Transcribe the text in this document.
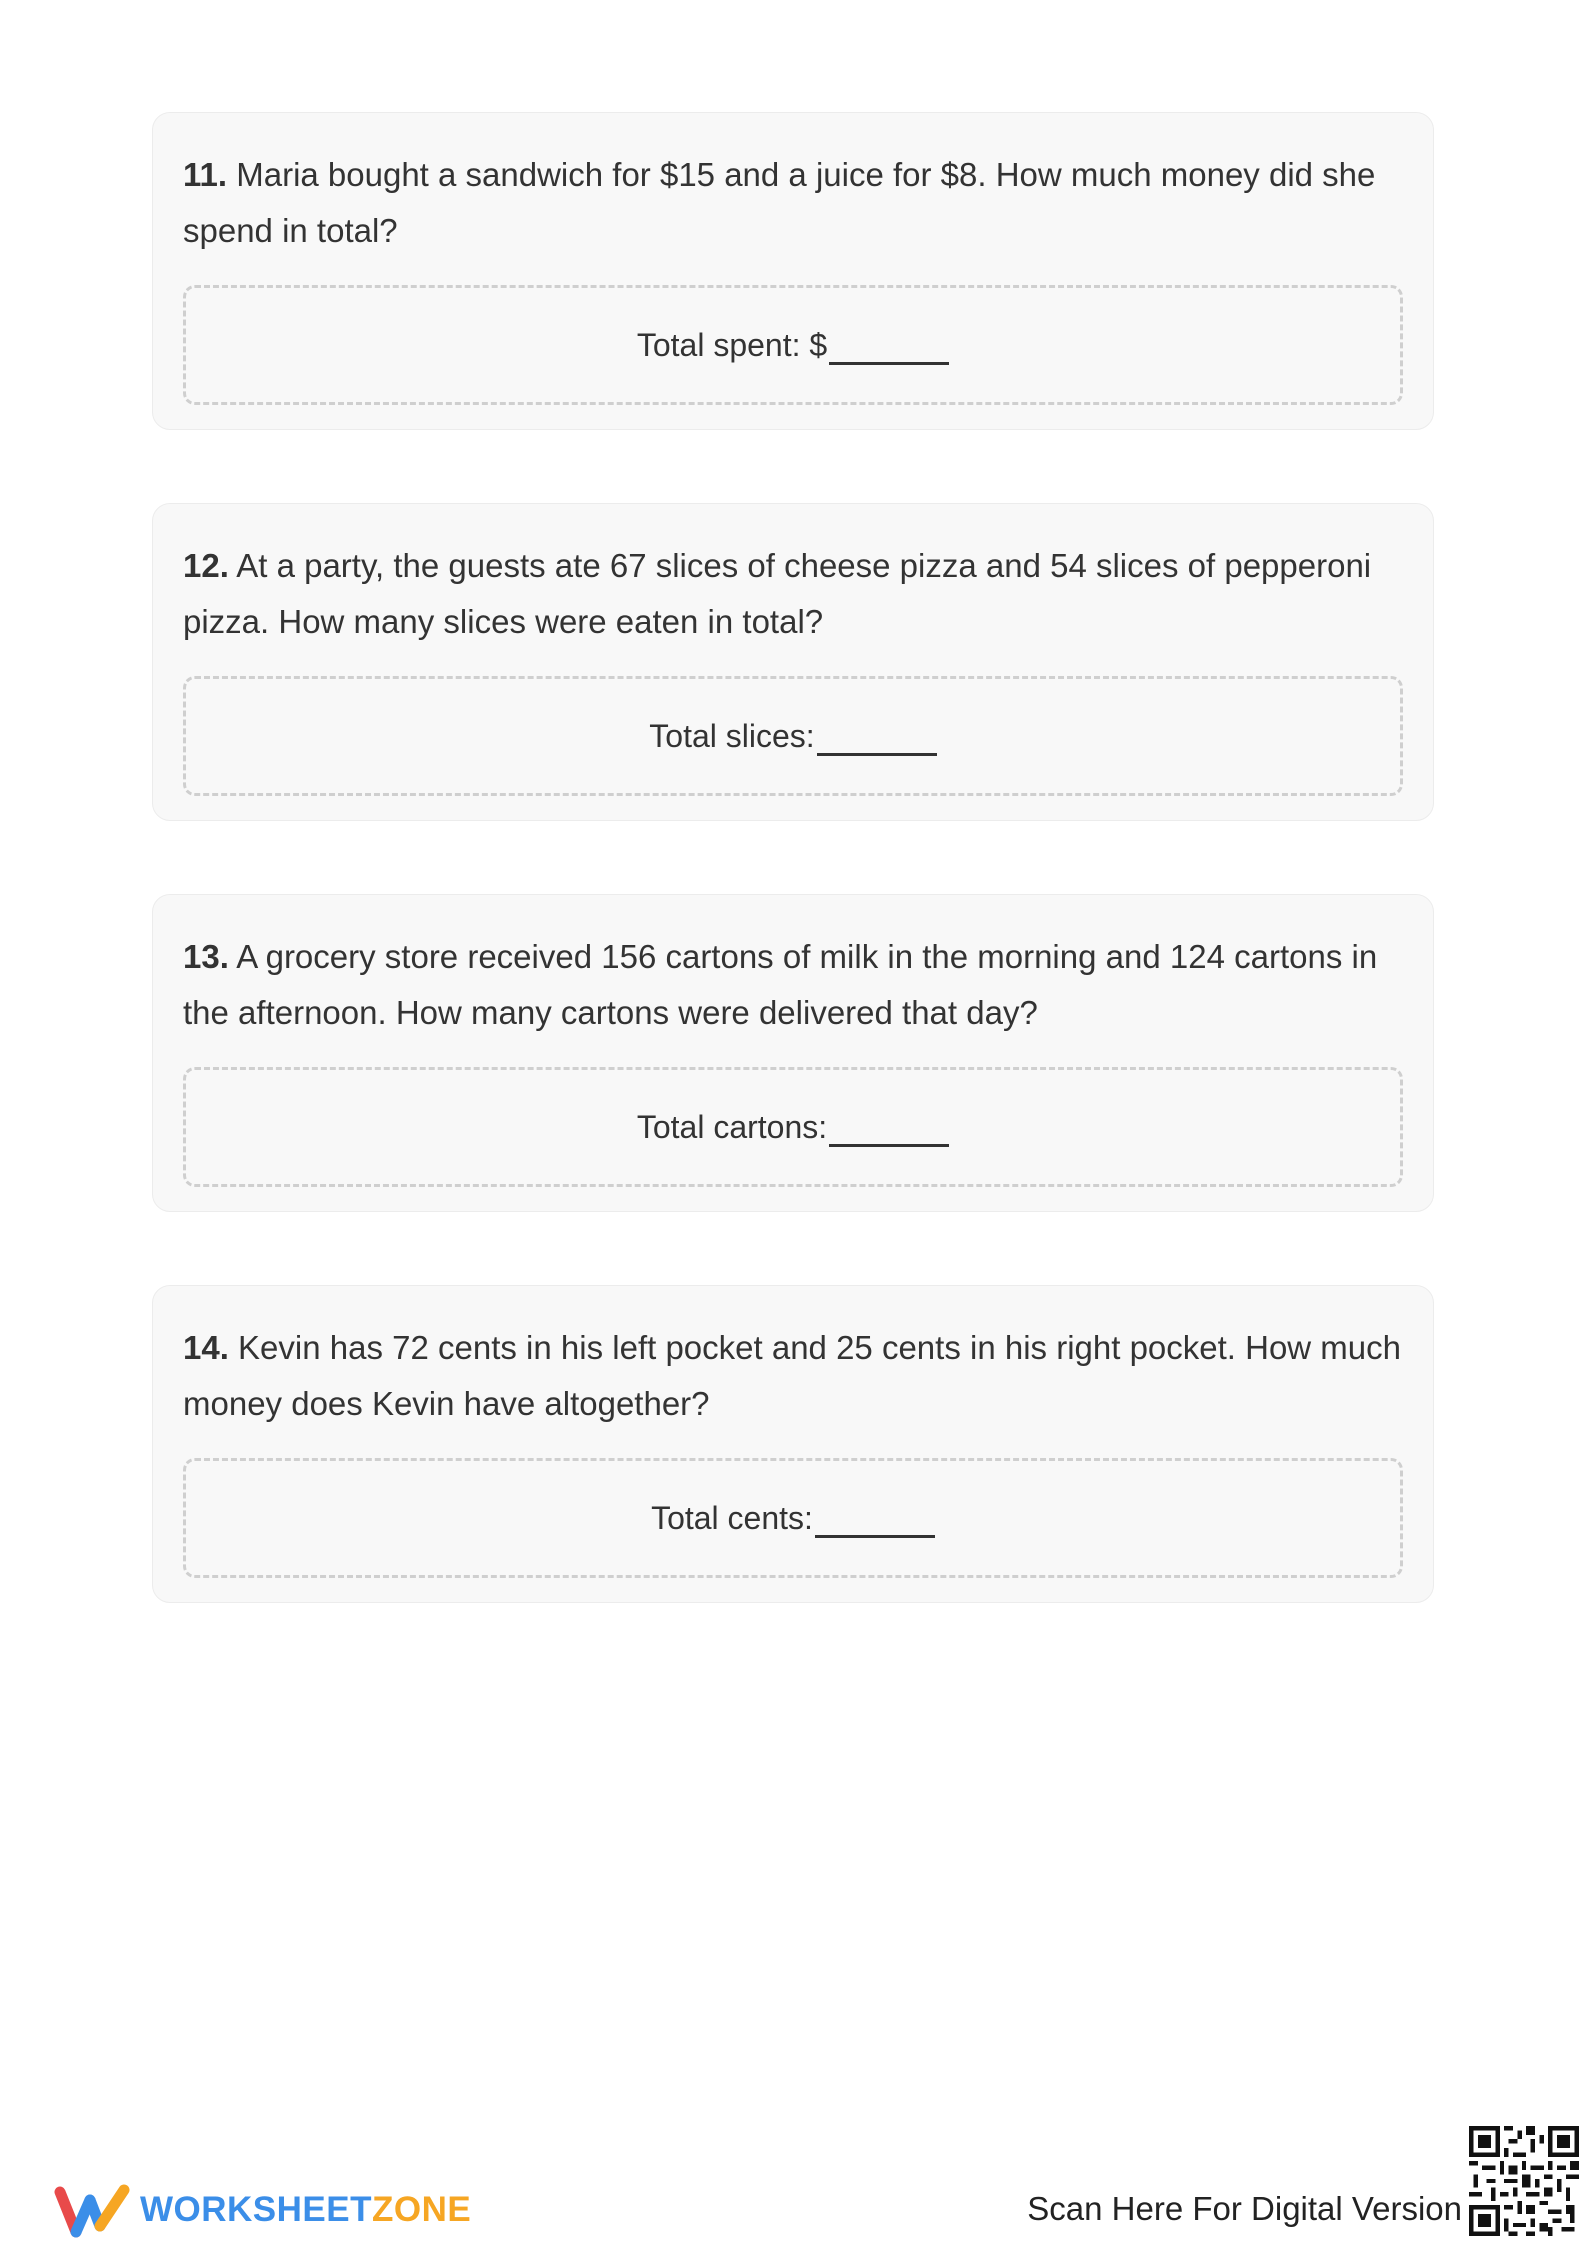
11. Maria bought a sandwich for $15 and a juice for $8. How much money did she spend in total?

Total spent: $

12. At a party, the guests ate 67 slices of cheese pizza and 54 slices of pepperoni pizza. How many slices were eaten in total?

Total slices:

13. A grocery store received 156 cartons of milk in the morning and 124 cartons in the afternoon. How many cartons were delivered that day?

Total cartons:

14. Kevin has 72 cents in his left pocket and 25 cents in his right pocket. How much money does Kevin have altogether?

Total cents:
WORKSHEETZONE	Scan Here For Digital Version
